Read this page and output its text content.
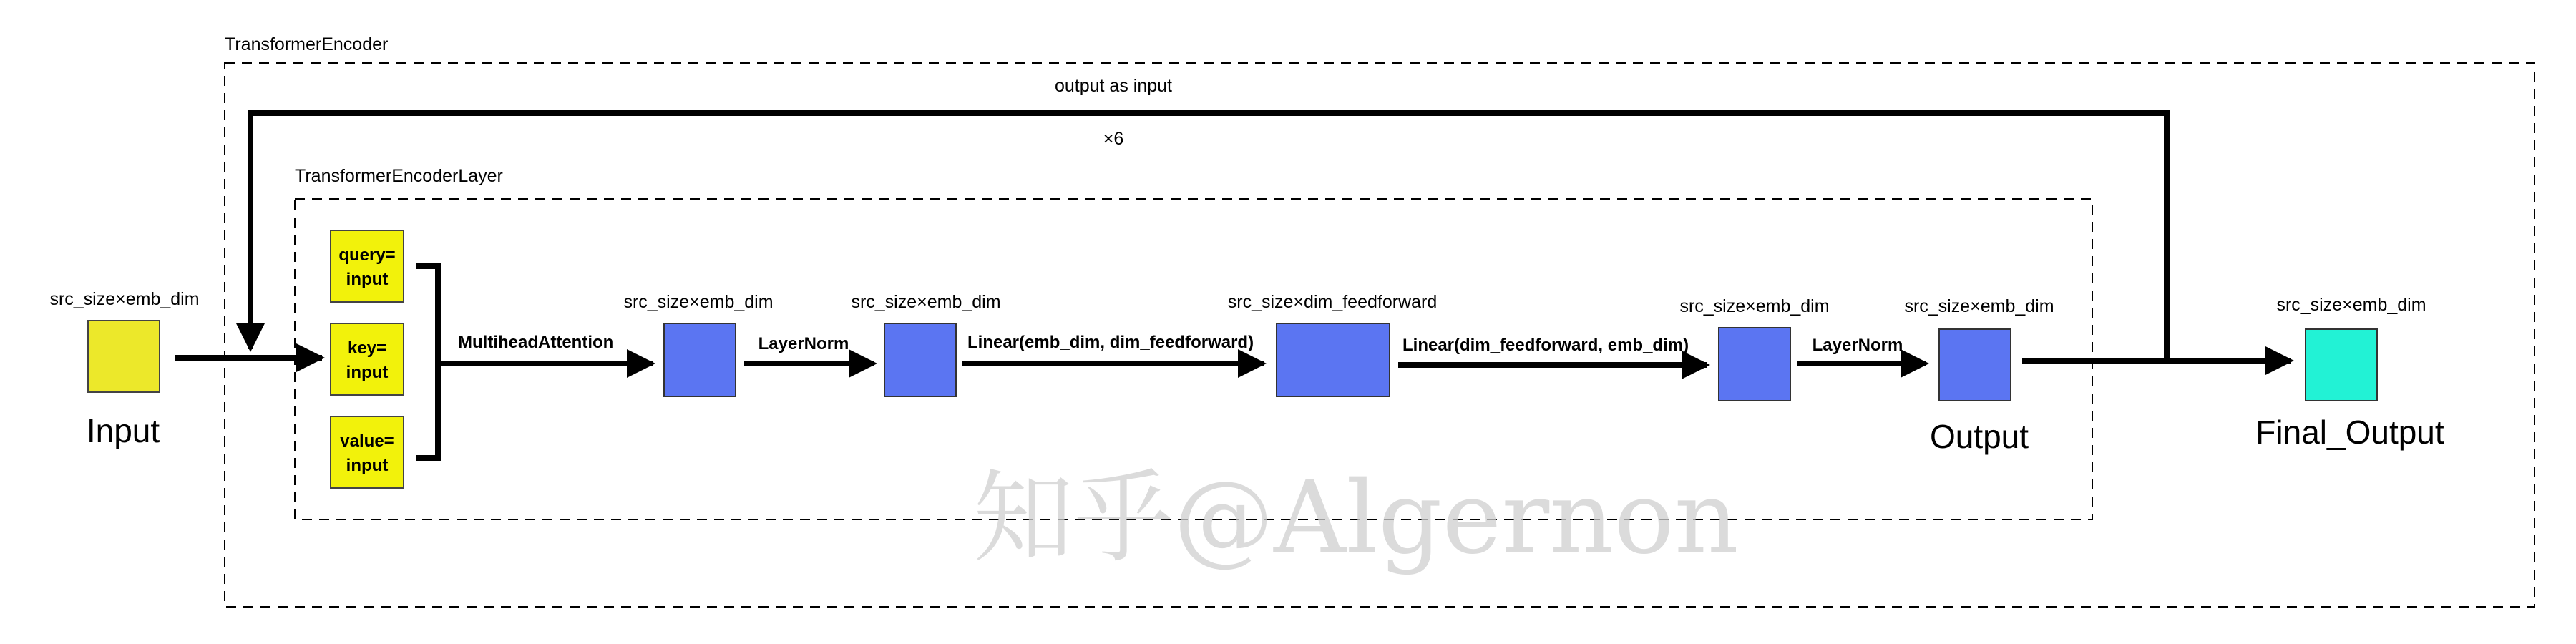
TransformerEncoder
output as input
×6
TransformerEncoderLayer
src_size×emb_dim
Input
query=
input
key=
input
value=
input
MultiheadAttention
src_size×emb_dim
LayerNorm
src_size×emb_dim
Linear(emb_dim, dim_feedforward)
src_size×dim_feedforward
Linear(dim_feedforward, emb_dim)
src_size×emb_dim
LayerNorm
src_size×emb_dim
Output
src_size×emb_dim
Final_Output
知乎@Algernon
